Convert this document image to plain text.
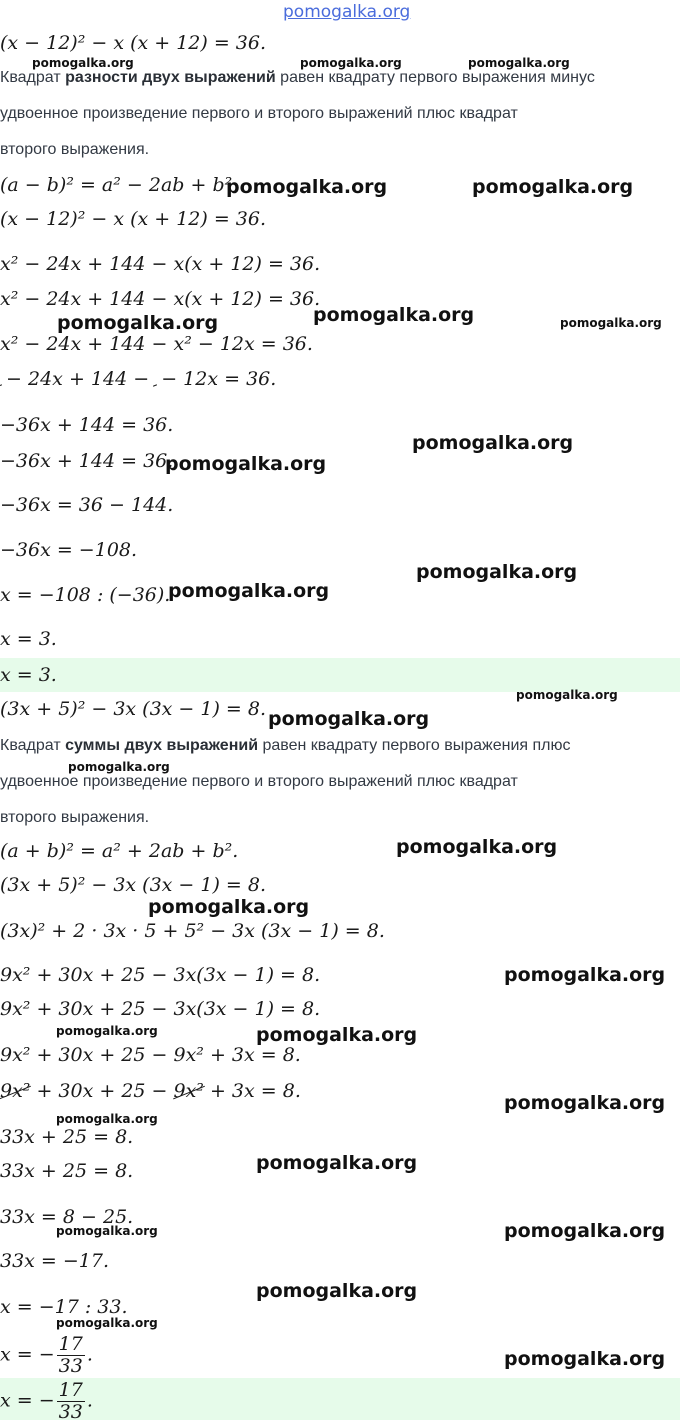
pomogalka.org
(x − 12)² − x (x + 12) = 36.
pomogalka.org	pomogalka.org	pomogalka.org
Квадрат разности двух выражений равен квадрату первого выражения минус
удвоенное произведение первого и второго выражений плюс квадрат
второго выражения.
(a − b)² = a² − 2ab + b²
pomogalka.org	pomogalka.org
(x − 12)² − x (x + 12) = 36.
x² − 24x + 144 − x(x + 12) = 36.
x² − 24x + 144 − x(x + 12) = 36.
pomogalka.org	pomogalka.org	pomogalka.org
x² − 24x + 144 − x² − 12x = 36.
− 24x + 144 −  − 12x = 36.
−36x + 144 = 36.
pomogalka.org
−36x + 144 = 36.
pomogalka.org
−36x = 36 − 144.
−36x = −108.
pomogalka.org
x = −108 : (−36).
pomogalka.org
x = 3.
x = 3.
pomogalka.org
(3x + 5)² − 3x (3x − 1) = 8. pomogalka.org
Квадрат суммы двух выражений равен квадрату первого выражения плюс
удвоенное произведение первого и второго выражений плюс квадрат
второго выражения.
pomogalka.org
(a + b)² = a² + 2ab + b².	pomogalka.org
(3x + 5)² − 3x (3x − 1) = 8.
pomogalka.org
(3x)² + 2 · 3x · 5 + 5² − 3x (3x − 1) = 8.
9x² + 30x + 25 − 3x(3x − 1) = 8.	pomogalka.org
9x² + 30x + 25 − 3x(3x − 1) = 8.
pomogalka.org	pomogalka.org
9x² + 30x + 25 − 9x² + 3x = 8.
9x² + 30x + 25 − 9x² + 3x = 8.
pomogalka.org
pomogalka.org
33x + 25 = 8.
pomogalka.org
33x + 25 = 8.
33x = 8 − 25.
pomogalka.org	pomogalka.org
33x = −17.
pomogalka.org
x = −17 : 33.
pomogalka.org
x = − $\frac{17}{33}$ .	pomogalka.org
x = − $\frac{17}{33}$ .
